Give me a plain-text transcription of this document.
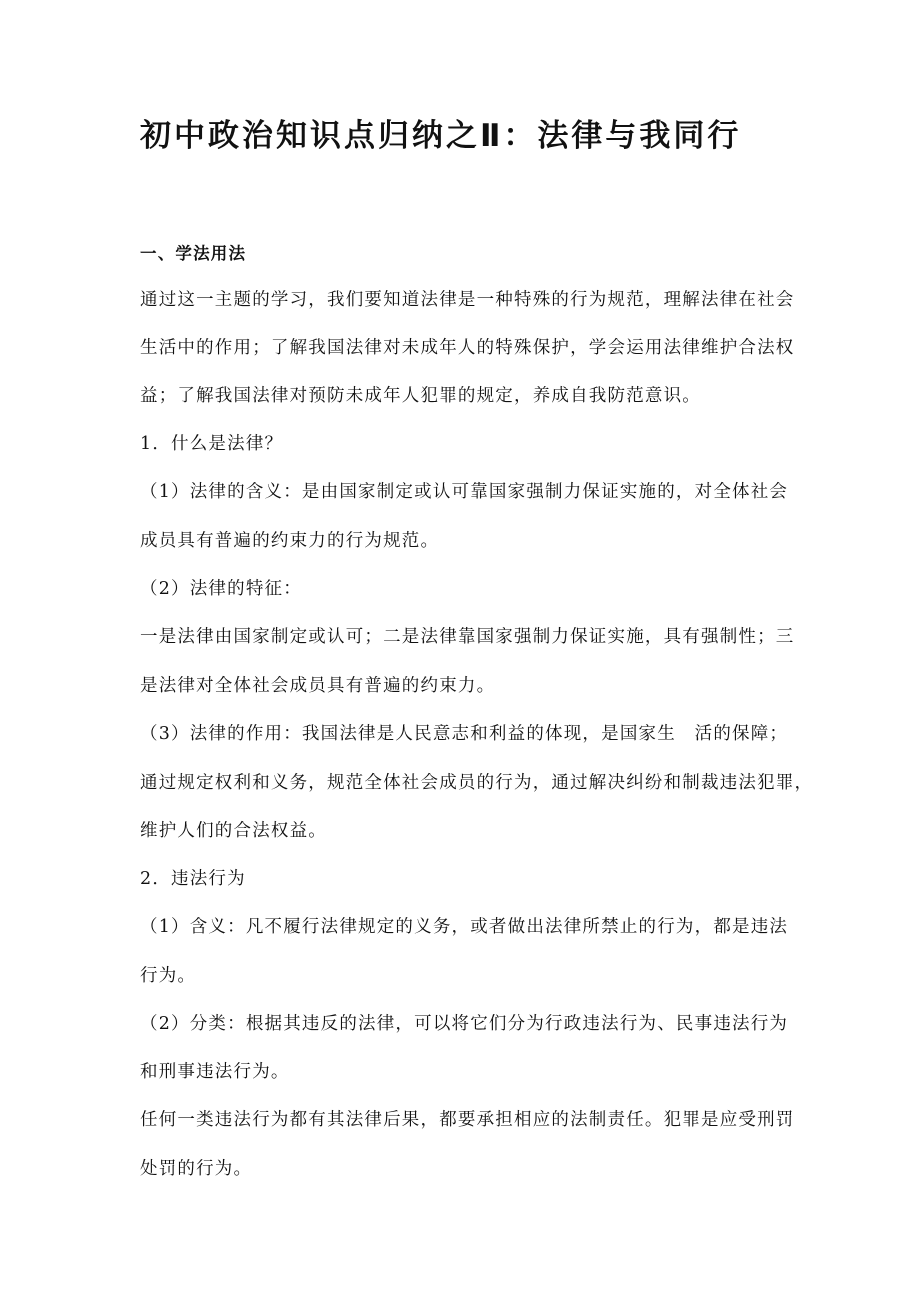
初中政治知识点归纳之Ⅱ：法律与我同行
一、学法用法
通过这一主题的学习，我们要知道法律是一种特殊的行为规范，理解法律在社会
生活中的作用；了解我国法律对未成年人的特殊保护，学会运用法律维护合法权
益；了解我国法律对预防未成年人犯罪的规定，养成自我防范意识。
1．什么是法律？
（1）法律的含义：是由国家制定或认可靠国家强制力保证实施的，对全体社会
成员具有普遍的约束力的行为规范。
（2）法律的特征：
一是法律由国家制定或认可；二是法律靠国家强制力保证实施，具有强制性；三
是法律对全体社会成员具有普遍的约束力。
（3）法律的作用：我国法律是人民意志和利益的体现，是国家生　活的保障；
通过规定权利和义务，规范全体社会成员的行为，通过解决纠纷和制裁违法犯罪，
维护人们的合法权益。
2．违法行为
（1）含义：凡不履行法律规定的义务，或者做出法律所禁止的行为，都是违法
行为。
（2）分类：根据其违反的法律，可以将它们分为行政违法行为、民事违法行为
和刑事违法行为。
任何一类违法行为都有其法律后果，都要承担相应的法制责任。犯罪是应受刑罚
处罚的行为。
